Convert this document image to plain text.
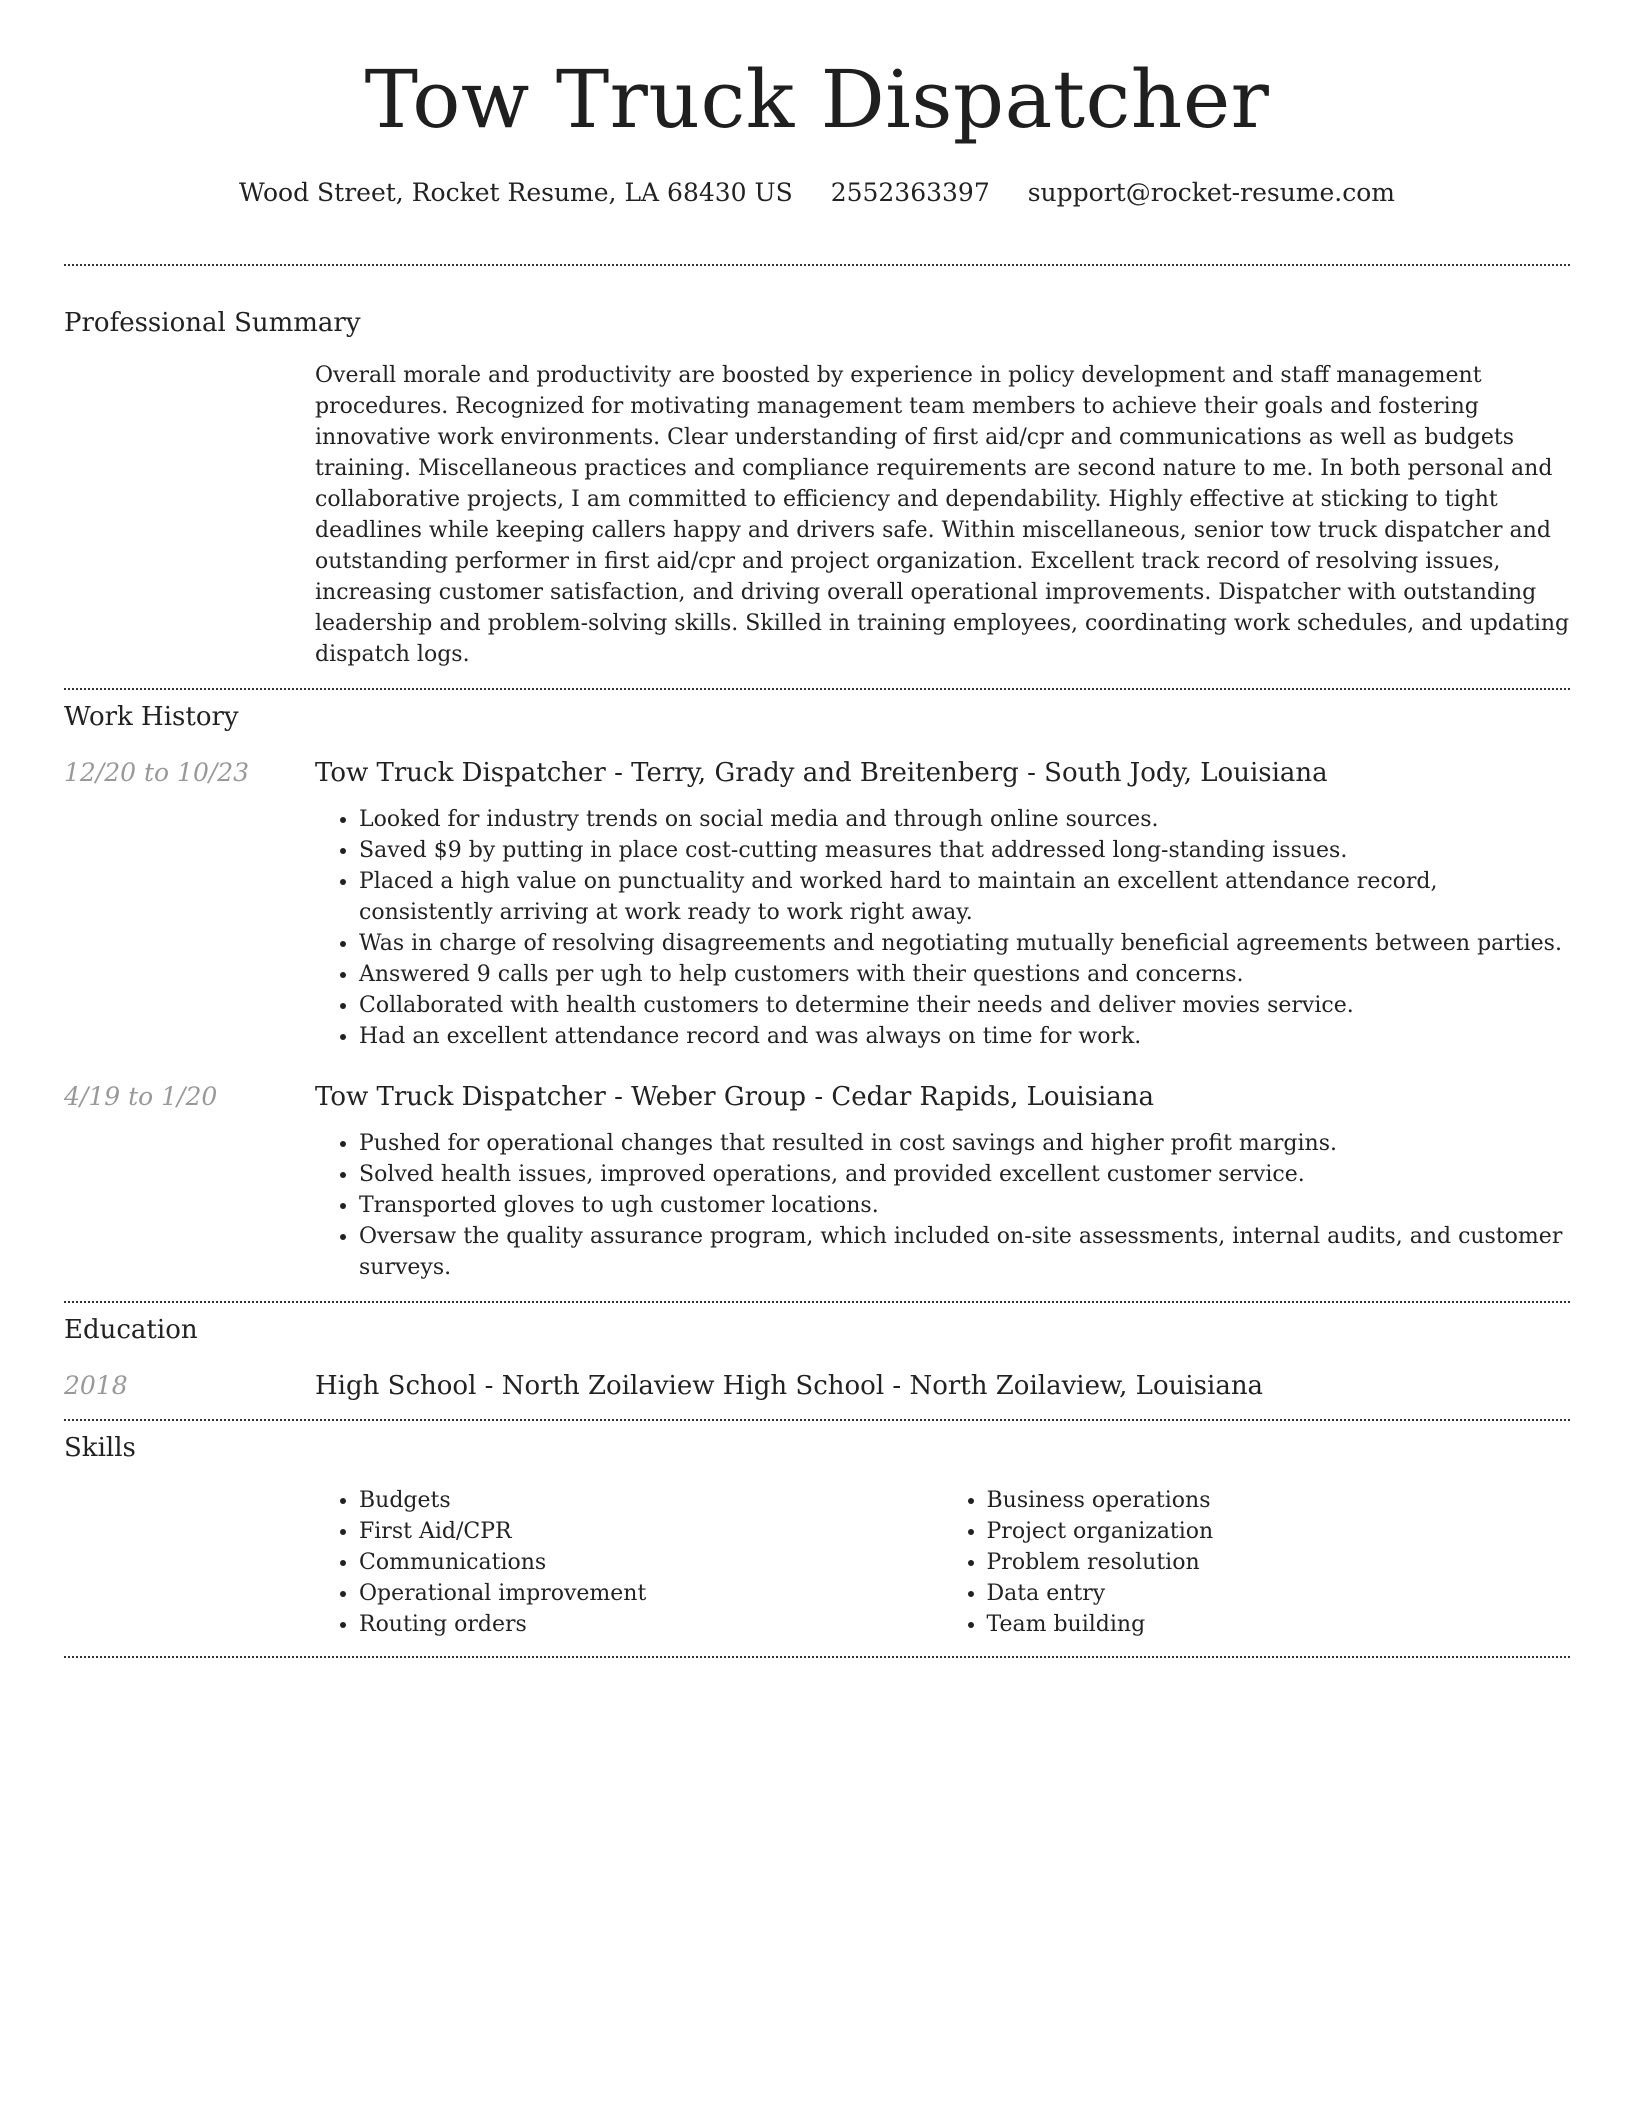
Tow Truck Dispatcher
Wood Street, Rocket Resume, LA 68430 US 2552363397 support@rocket-resume.com
Professional Summary

Overall morale and productivity are boosted by experience in policy development and staff management procedures. Recognized for motivating management team members to achieve their goals and fostering innovative work environments. Clear understanding of first aid/cpr and communications as well as budgets training. Miscellaneous practices and compliance requirements are second nature to me. In both personal and collaborative projects, I am committed to efficiency and dependability. Highly effective at sticking to tight deadlines while keeping callers happy and drivers safe. Within miscellaneous, senior tow truck dispatcher and outstanding performer in first aid/cpr and project organization. Excellent track record of resolving issues, increasing customer satisfaction, and driving overall operational improvements. Dispatcher with outstanding leadership and problem-solving skills. Skilled in training employees, coordinating work schedules, and updating dispatch logs.

Work History
12/20 to 10/23	Tow Truck Dispatcher - Terry, Grady and Breitenberg - South Jody, Louisiana
• Looked for industry trends on social media and through online sources.
• Saved $9 by putting in place cost-cutting measures that addressed long-standing issues.
• Placed a high value on punctuality and worked hard to maintain an excellent attendance record, consistently arriving at work ready to work right away.
• Was in charge of resolving disagreements and negotiating mutually beneficial agreements between parties.
• Answered 9 calls per ugh to help customers with their questions and concerns.
• Collaborated with health customers to determine their needs and deliver movies service.
• Had an excellent attendance record and was always on time for work.
4/19 to 1/20	Tow Truck Dispatcher - Weber Group - Cedar Rapids, Louisiana
• Pushed for operational changes that resulted in cost savings and higher profit margins.
• Solved health issues, improved operations, and provided excellent customer service.
• Transported gloves to ugh customer locations.
• Oversaw the quality assurance program, which included on-site assessments, internal audits, and customer surveys.
Education
2018	High School - North Zoilaview High School - North Zoilaview, Louisiana
Skills
• Budgets
• First Aid/CPR
• Communications
• Operational improvement
• Routing orders
• Business operations
• Project organization
• Problem resolution
• Data entry
• Team building
